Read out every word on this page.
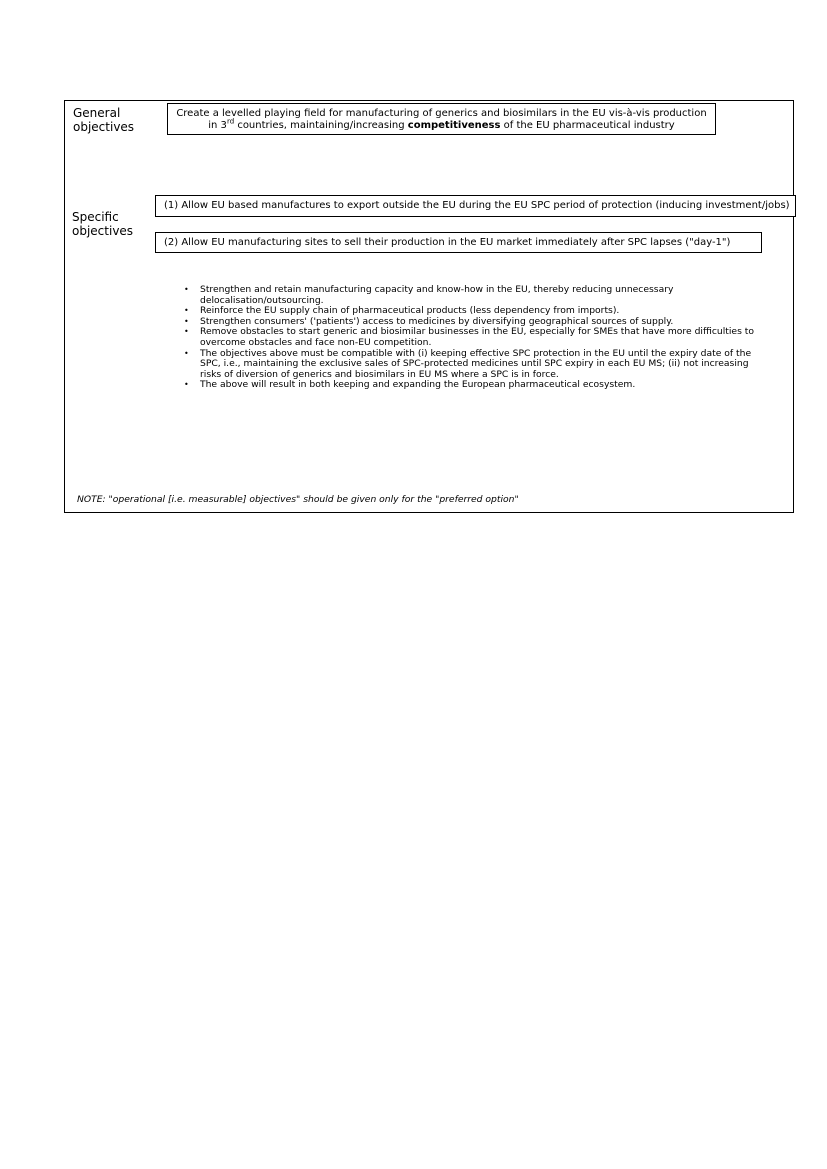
General
objectives
Create a levelled playing field for manufacturing of generics and biosimilars in the EU vis-à-vis production
in 3rd countries, maintaining/increasing competitiveness of the EU pharmaceutical industry
Specific
objectives
(1) Allow EU based manufactures to export outside the EU during the EU SPC period of protection (inducing investment/jobs)
(2) Allow EU manufacturing sites to sell their production in the EU market immediately after SPC lapses ("day-1")
• Strengthen and retain manufacturing capacity and know-how in the EU, thereby reducing unnecessary delocalisation/outsourcing.
• Reinforce the EU supply chain of pharmaceutical products (less dependency from imports).
• Strengthen consumers' ('patients') access to medicines by diversifying geographical sources of supply.
• Remove obstacles to start generic and biosimilar businesses in the EU, especially for SMEs that have more difficulties to overcome obstacles and face non-EU competition.
• The objectives above must be compatible with (i) keeping effective SPC protection in the EU until the expiry date of the SPC, i.e., maintaining the exclusive sales of SPC-protected medicines until SPC expiry in each EU MS; (ii) not increasing risks of diversion of generics and biosimilars in EU MS where a SPC is in force.
• The above will result in both keeping and expanding the European pharmaceutical ecosystem.
NOTE: "operational [i.e. measurable] objectives" should be given only for the "preferred option"
